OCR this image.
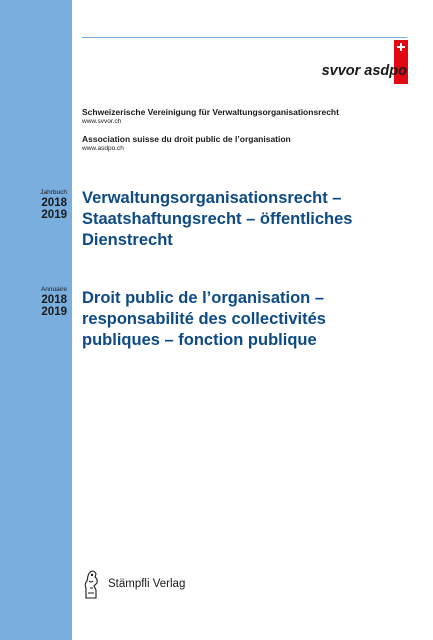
Jahrbuch
2018
2019
Annuaire
2018
2019
svvor asdpo
Schweizerische Vereinigung für Verwaltungsorganisationsrecht
www.svvor.ch
Association suisse du droit public de l’organisation
www.asdpo.ch
Verwaltungsorganisationsrecht –
Staatshaftungsrecht – öffentliches
Dienstrecht
Droit public de l’organisation –
responsabilité des collectivités
publiques – fonction publique
Stämpfli Verlag
